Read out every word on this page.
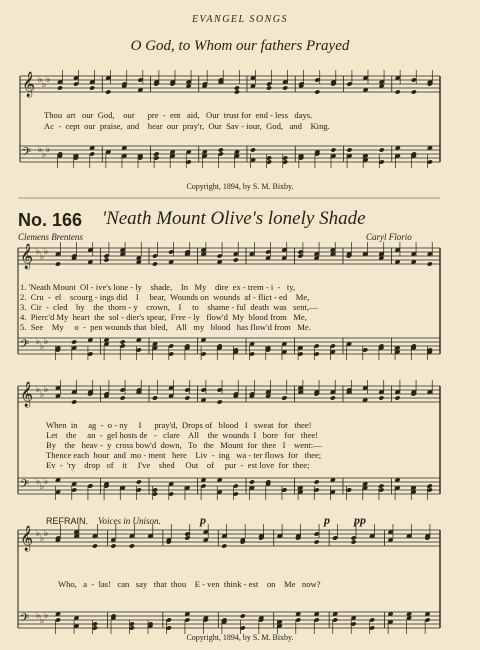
EVANGEL SONGS
O God, to Whom our fathers Prayed
𝄞 ♭ ♭ ♭
𝄢 ♭ ♭ ♭
𝄞 ♭ ♭ ♭
𝄢 ♭ ♭ ♭
𝄞 ♭ ♭ ♭
𝄢 ♭ ♭ ♭
𝄞 ♭ ♭ ♭
𝄢 ♭ ♭ ♭
Thou  art   our  God,    our      pre  -  ent   aid,   Our  trust for  end - less   days.
Ac  -  cept  our  praise,  and    hear  our  pray'r,  Our  Sav - iour,  God,   and    King.
Copyright, 1894, by S. M. Bixby.
No. 166 'Neath Mount Olive's lonely Shade
Clemens Brentens	Caryl Florio
1. 'Neath Mount  Ol - ive's lone - ly    shade,    In   My    dire  ex - trem - i  -   ty,
2.  Cru  -  el    scourg - ings did    I     bear,  Wounds on  wounds  af - flict - ed    Me,
3.  Cir  -  cled    by    the  thorn - y    crown,    I     to    shame - ful  death  was   sent,—
4.  Pierc'd My  heart  the  sol - dier's spear,  Free - ly   flow'd  My  blood from   Me,
5.  See    My     o  -  pen wounds that  bled,    All   my   blood   has flow'd from   Me.
When  in     ag  -  o - ny     I      pray'd,  Drops of   blood   I   sweat  for   thee!
Let    the     an  -  gel hosts de   -   clare    All    the  wounds  I   bore   for   thee!
By    the   heav -  y  cross bow'd  down,   To   the   Mount  for  thee   I    went:—
Thence each  hour  and  mo - ment   here    Liv  -  ing   wa - ter flows  for   thee;
Ev  -  'ry    drop   of    it     I've    shed     Out    of     pur  -  est love  for  thee;
REFRAIN. Voices in Unison.	p	p pp
Who,   a  -  las!   can   say   that  thou    E - ven  think - est    on    Me   now?
Copyright, 1894, by S. M. Bixby.
